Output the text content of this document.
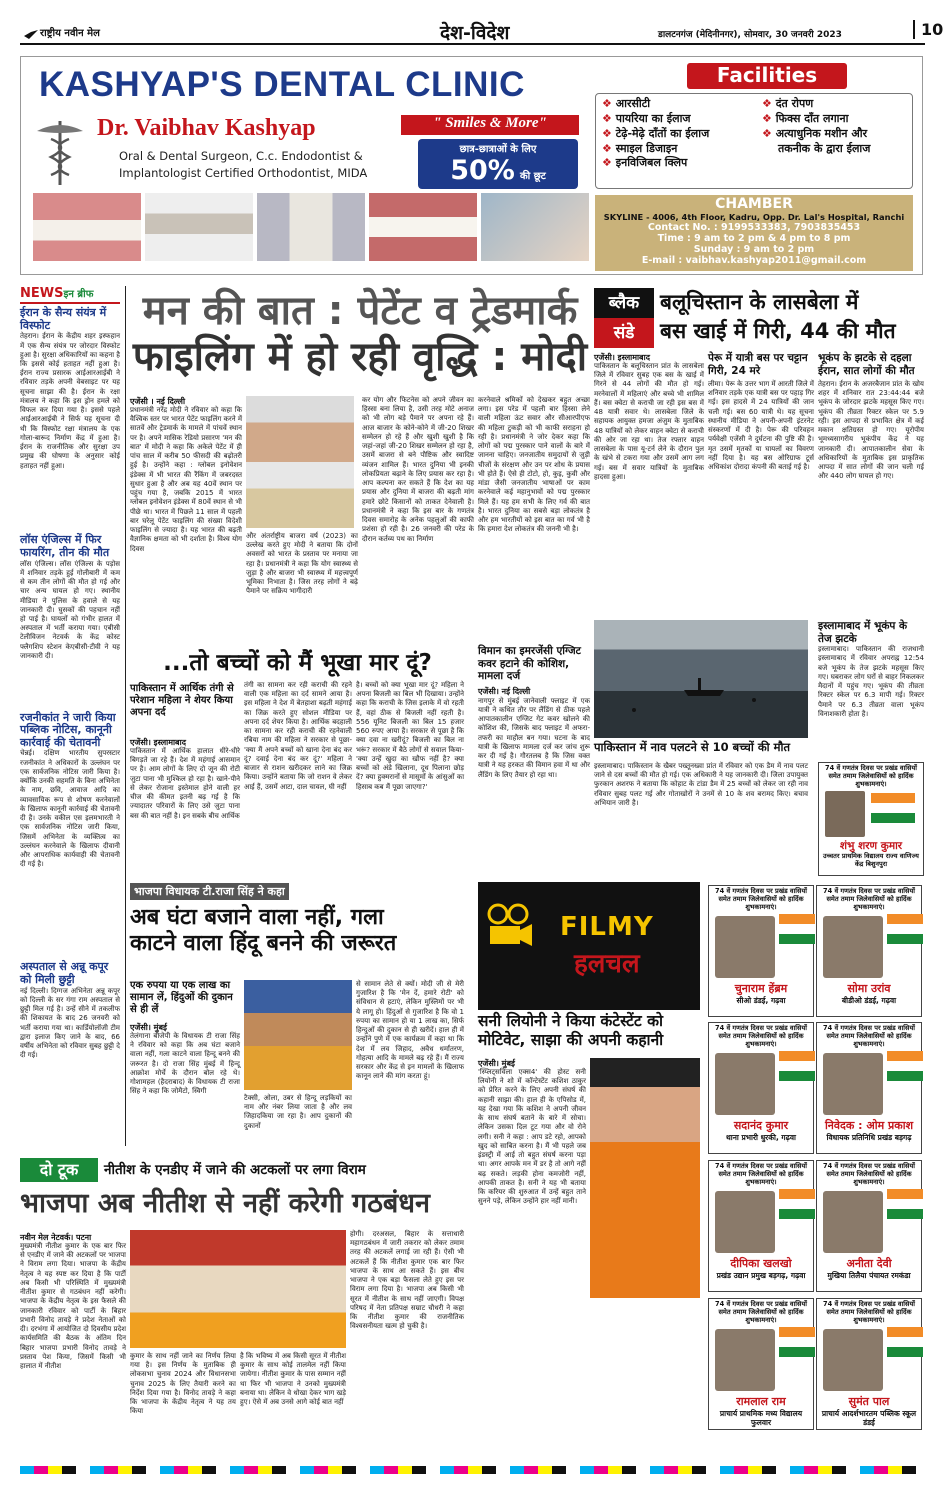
राष्ट्रीय नवीन मेल	देश-विदेश	डालटनगंज (मेदिनीनगर), सोमवार, 30 जनवरी 2023	10
KASHYAP'S DENTAL CLINIC
Dr. Vaibhav Kashyap	" Smiles & More"
Oral & Dental Surgeon, C.c. Endodontist &
Implantologist Certified Orthodontist, MIDA
छात्र-छात्राओं के लिए
50% की छूट
Facilities
❖ आरसीटी
❖ पायरिया का ईलाज
❖ टेढ़े-मेढ़े दाँतों का ईलाज
❖ स्माइल डिजाइन
❖ इनविजिबल क्लिप
❖ दंत रोपण
❖ फिक्स दाँत लगाना
❖ अत्याधुनिक मशीन और
तकनीक के द्वारा ईलाज
CHAMBER
SKYLINE - 4006, 4th Floor, Kadru, Opp. Dr. Lal's Hospital, Ranchi
Contact No. : 9199533383, 7903835453
Time : 9 am to 2 pm & 4 pm to 8 pm
Sunday : 9 am to 2 pm
E-mail : vaibhav.kashyap2011@gmail.com
NEWSइन ब्रीफ
ईरान के सैन्य संयंत्र में विस्फोट
तेहरान। ईरान के केंद्रीय शहर इस्फहान में एक सैन्य संयंत्र पर जोरदार विस्फोट हुआ है। सुरक्षा अधिकारियों का कहना है कि इससे कोई हताहत नहीं हुआ है। ईरान राज्य प्रसारक आईआरआईबी ने रविवार तड़के अपनी वेबसाइट पर यह सूचना साझा की है। ईरान के रक्षा मंत्रालय ने कहा कि इस ड्रोन हमले को विफल कर दिया गया है। इससे पहले आईआरआईबी ने सिर्फ यह सूचना दी थी कि विस्फोट रक्षा मंत्रालय के एक गोला-बारूद निर्माण केंद्र में हुआ है। ईरान के राजनीतिक और सुरक्षा उप प्रमुख की घोषणा के अनुसार कोई हताहत नहीं हुआ।
लॉस एंजिल्स में फिर फायरिंग, तीन की मौत
लॉस एंजिल्स। लॉस एंजिल्स के पड़ोस में शनिवार तड़के हुई गोलीबारी में कम से कम तीन लोगों की मौत हो गई और चार अन्य घायल हो गए। स्थानीय मीडिया ने पुलिस के हवाले से यह जानकारी दी। घुसकों की पहचान नहीं हो पाई है। घायलों को गंभीर हालत में अस्पताल में भर्ती कराया गया। एबीसी टेलीविजन नेटवर्क के केंद्र कोस्ट फ्लैगशिप स्टेशन केएबीसी-टीवी ने यह जानकारी दी।
रजनीकांत ने जारी किया पब्लिक नोटिस, कानूनी कार्रवाई की चेतावनी
चेन्नई। दक्षिण भारतीय सुपरस्टार रजनीकांत ने अधिकारों के उल्लंघन पर एक सार्वजनिक नोटिस जारी किया है। क्योंकि उनकी सहमति के बिना अभिनेता के नाम, छवि, आवाज आदि का व्यावसायिक रूप से शोषण करनेवालों के खिलाफ कानूनी कार्रवाई की चेतावनी दी है। उनके वकील एस इलमभारती ने एक सार्वजनिक नोटिस जारी किया, जिसमें अभिनेता के व्यक्तित्व का उल्लंघन करनेवाले के खिलाफ दीवानी और आपराधिक कार्यवाही की चेतावनी दी गई है।
अस्पताल से अन्नू कपूर को मिली छुट्टी
नई दिल्ली। दिग्गज अभिनेता अन्नू कपूर को दिल्ली के सर गंगा राम अस्पताल से छुट्टी मिल गई है। उन्हें सीने में तकलीफ की शिकायत के बाद 26 जनवरी को भर्ती कराया गया था। कार्डियोलॉजी टीम द्वारा इलाज किए जाने के बाद, 66 वर्षीय अभिनेता को रविवार सुबह छुट्टी दे दी गई।
मन की बात : पेटेंट व ट्रेडमार्क
फाइलिंग में हो रही वृद्धि : मोदी
एजेंसी । नई दिल्ली
प्रधानमंत्री नरेंद्र मोदी ने रविवार को कहा कि वैश्विक स्तर पर भारत पेटेंट फाइलिंग करने में सातवें और ट्रेडमार्क के मामले में पांचवें स्थान पर है। अपने मासिक रेडियो प्रसारण 'मन की बात' में मोदी ने कहा कि अकेले पेटेंट में ही पांच साल में करीब 50 फीसदी की बढ़ोतरी हुई है। उन्होंने कहा : ग्लोबल इनोवेशन इंडेक्स में भी भारत की रैंकिंग में जबरदस्त सुधार हुआ है और अब यह 40वें स्थान पर पहुंच गया है, जबकि 2015 में भारत ग्लोबल इनोवेशन इंडेक्स में 80वें स्थान से भी पीछे था। भारत में पिछले 11 साल में पहली बार घरेलू पेटेंट फाइलिंग की संख्या विदेशी फाइलिंग से ज्यादा है। यह भारत की बढ़ती वैज्ञानिक क्षमता को भी दर्शाता है। विश्व योग दिवस
और अंतर्राष्ट्रीय बाजरा वर्ष (2023) का उल्लेख करते हुए मोदी ने बताया कि दोनों अवसरों को भारत के प्रस्ताव पर मनाया जा रहा है। प्रधानमंत्री ने कहा कि योग स्वास्थ्य से जुड़ा है और बाजरा भी स्वास्थ्य में महत्त्वपूर्ण भूमिका निभाता है। जिस तरह लोगों ने बढ़े पैमाने पर सक्रिय भागीदारी
कर योग और फिटनेस को अपने जीवन का हिस्सा बना लिया है, उसी तरह मोटे अनाज को भी लोग बड़े पैमाने पर अपना रहे हैं। आज बाजार के कोने-कोने में जी-20 शिखर सम्मेलन हो रहे हैं और खुशी खुशी है कि जहां-जहां जी-20 शिखर सम्मेलन हो रहा है, उसमें बाजरा से बने पौष्टिक और स्वादिष्ट व्यंजन शामिल हैं। भारत दुनिया भी इनकी लोकप्रियता बढ़ाने के लिए प्रयास कर रहा है। आप कल्पना कर सकते हैं कि देश का यह प्रयास और दुनिया में बाजरा की बढ़ती मांग हमारे छोटे किसानों को ताकत देनेवाली है। प्रधानमंत्री ने कहा कि इस बार के गणतंत्र दिवस समारोह के अनेक पहलुओं की काफी प्रशंसा हो रही है। 26 जनवरी की परेड के दौरान कर्तव्य पथ का निर्माण
करनेवाले श्रमिकों को देखकर बहुत अच्छा लगा। इस परेड में पहली बार हिस्सा लेने वाली महिला ऊंट सवार और सीआरपीएफ की महिला टुकड़ी को भी काफी सराहना हो रही है। प्रधानमंत्री ने जोर देकर कहा कि लोगों को पद्म पुरस्कार पाने वालों के बारे में जानना चाहिए। जनजातीय समुदायों से जुड़ी चीजों के संरक्षण और उन पर शोध के प्रयास भी होते हैं। ऐसे ही टोटो, हो, कुइ, कुवी और मांडा जैसी जनजातीय भाषाओं पर काम करनेवाले कई महानुभावों को पद्म पुरस्कार मिले हैं। यह हम सभी के लिए गर्व की बात है। भारत दुनिया का सबसे बड़ा लोकतंत्र है और हम भारतीयों को इस बात का गर्व भी है कि हमारा देश लोकतंत्र की जननी भी है।
...तो बच्चों को मैं भूखा मार दूं?
पाकिस्तान में आर्थिक तंगी से परेशान महिला ने शेयर किया अपना दर्द
एजेंसी। इस्लामाबाद
पाकिस्तान में आर्थिक हालात धीरे-धीरे बिगड़ते जा रहे हैं। देश में महंगाई आसमान पर है। आम लोगों के लिए दो जून की रोटी जुटा पाना भी मुश्किल हो रहा है। खाने-पीने से लेकर रोजाना इस्तेमाल होने वाली हर चीज की कीमत इतनी बढ़ गई है कि ज्यादातर परिवारों के लिए उसे जुटा पाना बस की बात नहीं है। इन सबके बीच आर्थिक
तंगी का सामना कर रही कराची की रहने वाली एक महिला का दर्द सामने आया है। इस महिला ने देश में बेतहाशा बढ़ती महंगाई का जिक्र करते हुए सोशल मीडिया पर अपना दर्द शेयर किया है। आर्थिक बदहाली का सामना कर रही कराची की रहनेवाली रबिया नाम की महिला ने सरकार से पूछा- 'क्या मैं अपने बच्चों को खाना देना बंद कर दूं? दवाई देना बंद कर दूं?' महिला ने बाजार से राशन खरीदकर लाने का जिक्र किया। उन्होंने बताया कि जो राशन वे लेकर आई हैं, उसमें आटा, दाल चावल, घी नहीं
है। बच्चों को क्या भूखा मार दूं? महिला ने अपना बिजली का बिल भी दिखाया। उन्होंने कहा कि कराची के जिस इलाके में वो रहती हैं, वहां ठीक से बिजली नहीं रहती है। 556 यूनिट बिजली का बिल 15 हजार 560 रुपए आया है। सरकार से पूछा है कि क्या दवा ना खरीदूं? बिजली का बिल ना भरूं? सरकार में बैठे लोगों से सवाल किया- 'क्या उन्हें खुदा का खौफ नहीं है? क्या बच्चों को अंडे खिलाना, दूध पिलाना छोड़ दें? क्या हुक्मरानों से मासूमों के आंसुओं का हिसाब कब मैं पूछा जाएगा?'
विमान का इमरजेंसी एग्जिट कवर हटाने की कोशिश, मामला दर्ज
एजेंसी। नई दिल्ली
नागपुर से मुंबई जानेवाली फ्लाइट में एक यात्री ने कथित तौर पर लैंडिंग से ठीक पहले आपातकालीन एग्जिट गेट कवर खोलने की कोशिश की, जिसके बाद फ्लाइट में अफरा-तफरी का माहौल बन गया। घटना के बाद यात्री के खिलाफ मामला दर्ज कर जांच शुरू कर दी गई है। गौरतलब है कि जिस वक्त यात्री ने यह हरकत की विमान हवा में था और लैंडिंग के लिए तैयार हो रहा था।
ब्लैक
संडे
बलूचिस्तान के लासबेला में
बस खाई में गिरी, 44 की मौत
एजेंसी। इस्लामाबाद
पाकिस्तान के बलूचिस्तान प्रांत के लासबेला जिले में रविवार सुबह एक बस के खाई में गिरने से 44 लोगों की मौत हो गई। मरनेवालों में महिलाएं और बच्चे भी शामिल हैं। बस क्वेटा से कराची जा रही इस बस में 48 यात्री सवार थे। लासबेला जिले के सहायक आयुक्त हमजा अंजुम के मुताबिक 48 यात्रियों को लेकर वाहन क्वेटा से कराची की ओर जा रहा था। तेज रफ्तार वाहन लासबेला के पास यू-टर्न लेने के दौरान पुल के खंभे से टकरा गया और उसमें आग लग गई। बस में सवार यात्रियों के मुताबिक हादसा हुआ।
पेरू में यात्री बस पर चट्टान गिरी, 24 मरे
लीमा। पेरू के उत्तर भाग में आरती जिले में शनिवार तड़के एक यात्री बस पर पहाड़ गिर गई। इस हादसे में 24 यात्रियों की जान चली गई। बस 60 यात्री थे। यह सूचना स्थानीय मीडिया ने अपनी-अपनी इंटरनेट संस्करणों में दी है। पेरू की परिवहन पर्यवेक्षी एजेंसी ने दुर्घटना की पुष्टि की है। मृत उसमें मृतकों या घायलों का विवरण नहीं दिया है। यह बस ओरिग्राफ टूर्स अधिकांश दोरादा कंपनी की बताई गई है।
भूकंप के झटके से दहला ईरान, सात लोगों की मौत
तेहरान। ईरान के अजरबैजान प्रांत के खोय शहर में शनिवार रात 23:44:44 बजे भूकंप के जोरदार झटके महसूस किए गए। भूकंप की तीव्रता रिक्टर स्केल पर 5.9 रही। इस आपदा से प्रभावित क्षेत्र में कई मकान क्षतिग्रस्त हो गए। यूरोपीय भूमध्यसागरीय भूकंपीय केंद्र ने यह जानकारी दी। आपातकालीन सेवा के अधिकारियों के मुताबिक इस प्राकृतिक आपदा में सात लोगों की जान चली गई और 440 लोग घायल हो गए।
पाकिस्तान में नाव पलटने से 10 बच्चों की मौत
इस्लामाबाद में भूकंप के तेज झटके
इस्लामाबाद। पाकिस्तान की राजधानी इस्लामाबाद में रविवार अपराह्न 12:54 बजे भूकंप के तेज झटके महसूस किए गए। घबराकर लोग घरों से बाहर निकलकर मैदानों में पहुंच गए। भूकंप की तीव्रता रिक्टर स्केल पर 6.3 मापी गई। रिक्टर पैमाने पर 6.3 तीव्रता वाला भूकंप विनाशकारी होता है।
इस्लामाबाद। पाकिस्तान के खैबर पख्तूनख्वा प्रांत में रविवार को एक डैम में नाव पलट जाने से दस बच्चों की मौत हो गई। एक अधिकारी ने यह जानकारी दी। जिला उपायुक्त फुरकान अशरफ ने बताया कि कोहाट के टांडा डैम में 25 बच्चों को लेकर जा रही नाव रविवार सुबह पलट गई और गोताखोरों ने उनमें से 10 के शव बरामद किए। बचाव अभियान जारी है।
74 वें गणतंत्र दिवस पर प्रखंड वासियों समेत तमाम जिलेवासियों को हार्दिक शुभकामनाएं।
शंभु शरण कुमार
उच्चतर प्राथमिक विद्यालय राज्य वाणिज्य केंद्र बिशुनपुरा
भाजपा विधायक टी.राजा सिंह ने कहा
अब घंटा बजाने वाला नहीं, गला
काटने वाला हिंदू बनने की जरूरत
एक रुपया या एक लाख का सामान लें, हिंदुओं की दुकान से ही लें
एजेंसी। मुंबई
तेलंगाना बीजेपी के विधायक टी राजा सिंह ने रविवार को कहा कि अब घंटा बजाने वाला नहीं, गला काटने वाला हिन्दू बनने की जरूरत है। दो राजा सिंह मुंबई में हिन्दू आक्रोश मोर्चे के दौरान बोल रहे थे। गोशामहल (हैदराबाद) के विधायक टी राजा सिंह ने कहा कि जोमैटो, स्विगी
टैक्सी, ओला, उबर से हिन्दू लड़कियों का नाम और नंबर लिया जाता है और लव जिहादकिया जा रहा है। आप दुकानों की दुकानों
से सामान लेते से क्यों। मोदी जी से मेरी गुजारिश है कि 'मेन दें, हमारे रोटी' को संविधान से हटाएं, लेकिन मुस्लिमों पर भी ये लागू हो। हिंदुओं से गुजारिश है कि वो 1 रुपया का सामान हो या 1 लाख का, सिर्फ हिन्दुओं की दुकान से ही खरीदें। हाल ही में उन्होंने पुणे में एक कार्यक्रम में कहा था कि देश में लव जिहाद, अवैध धर्मांतरण, गोहत्या आदि के मामले बढ़ रहे हैं। मैं राज्य सरकार और केंद्र से इन मामलों के खिलाफ कानून लाने की मांग करता हूं।
FILMY
हलचल
सनी लियोनी ने किया कंटेस्टेंट को
मोटिवेट, साझा की अपनी कहानी
एजेंसी। मुंबई
'स्प्लिट्सविला एक्स4' की होस्ट सनी लियोनी ने शो में कॉन्टेस्टेंट कशिश ठाकुर को प्रेरित करने के लिए अपनी संघर्ष की कहानी साझा की। हाल ही के एपिसोड में, यह देखा गया कि कशिश ने अपनी जीवन के साथ संघर्ष बताने के बारे में सोचा। लेकिन उसका दिल टूट गया और वो रोने लगी। सनी ने कहा : आप डटे रहो, आपको खुद को साबित करना है। मैं भी पहले जब इंडस्ट्री में आई तो बहुत संघर्ष करना पड़ा था। अगर आपके मन में डर है तो आगे नहीं बढ़ सकते। लड़की होना कमजोरी नहीं, आपकी ताकत है। सनी ने यह भी बताया कि करियर की शुरुआत में उन्हें बहुत ताने सुनने पड़े, लेकिन उन्होंने हार नहीं मानी।
दो टूक	नीतीश के एनडीए में जाने की अटकलों पर लगा विराम
भाजपा अब नीतीश से नहीं करेगी गठबंधन
नवीन मेल नेटवर्क। पटना
मुख्यमंत्री नीतीश कुमार के एक बार फिर से एनडीए में जाने की अटकलों पर भाजपा ने विराम लगा दिया। भाजपा के केंद्रीय नेतृत्व ने यह स्पष्ट कर दिया है कि पार्टी अब किसी भी परिस्थिति में मुख्यमंत्री नीतीश कुमार से गठबंधन नहीं करेगी। भाजपा के केंद्रीय नेतृत्व के इस फैसले की जानकारी रविवार को पार्टी के बिहार प्रभारी विनोद तावड़े ने प्रदेश नेताओं को दी। दरभंगा में आयोजित दो दिवसीय प्रदेश कार्यसमिति की बैठक के अंतिम दिन बिहार भाजपा प्रभारी विनोद तावड़े ने प्रस्ताव पेश किया, जिसमें किसी भी हालात में नीतीश
कुमार के साथ नहीं जाने का निर्णय लिया गया है। इस निर्णय के मुताबिक ही लोकसभा चुनाव 2024 और विधानसभा चुनाव 2025 के लिए तैयारी करने का निर्देश दिया गया है। विनोद तावड़े ने कहा कि भाजपा के केंद्रीय नेतृत्व ने यह तय किया
है कि भविष्य में अब किसी सूरत में नीतीश कुमार के साथ कोई तालमेल नहीं किया जायेगा। नीतीश कुमार के पास सम्मान नहीं था फिर भी भाजपा ने उनको मुख्यमंत्री बनाया था। लेकिन वे धोखा देकर भाग खड़े हुए। ऐसे में अब उनसे आगे कोई बात नहीं
होगी। दरअसल, बिहार के सत्ताधारी महागठबंधन में जारी तकरार को लेकर तमाम तरह की अटकलें लगाई जा रही हैं। ऐसी भी अटकलें हैं कि नीतीश कुमार एक बार फिर भाजपा के साथ आ सकते हैं। इस बीच भाजपा ने एक बड़ा फैसला लेते हुए इस पर विराम लगा दिया है। भाजपा अब किसी भी सूरत में नीतीश के साथ नहीं जाएगी। विपक्ष परिषद में नेता प्रतिपक्ष सम्राट चौधरी ने कहा कि नीतीश कुमार की राजनीतिक विश्वसनीयता खत्म हो चुकी है।
74 वें गणतंत्र दिवस पर प्रखंड वासियों समेत तमाम जिलेवासियों को हार्दिक शुभकामनाएं।
चुनाराम हेंब्रम
सीओ डंडई, गढ़वा
74 वें गणतंत्र दिवस पर प्रखंड वासियों समेत तमाम जिलेवासियों को हार्दिक शुभकामनाएं।
सोमा उरांव
बीडीओ डंडई, गढ़वा
74 वें गणतंत्र दिवस पर प्रखंड वासियों समेत तमाम जिलेवासियों को हार्दिक शुभकामनाएं।
सदानंद कुमार
थाना प्रभारी धुरकी, गढ़वा
74 वें गणतंत्र दिवस पर प्रखंड वासियों समेत तमाम जिलेवासियों को हार्दिक शुभकामनाएं।
निवेदक : ओम प्रकाश
विधायक प्रतिनिधि प्रखंड बड़गढ़
74 वें गणतंत्र दिवस पर प्रखंड वासियों समेत तमाम जिलेवासियों को हार्दिक शुभकामनाएं।
दीपिका खलखो
प्रखंड उद्यान प्रमुख बड़गढ़, गढ़वा
74 वें गणतंत्र दिवस पर प्रखंड वासियों समेत तमाम जिलेवासियों को हार्दिक शुभकामनाएं।
अनीता देवी
मुखिया तिलैया पंचायत रमकंडा
74 वें गणतंत्र दिवस पर प्रखंड वासियों समेत तमाम जिलेवासियों को हार्दिक शुभकामनाएं।
रामलाल राम
प्राचार्य प्राथमिक मध्य विद्यालय फुलवार
74 वें गणतंत्र दिवस पर प्रखंड वासियों समेत तमाम जिलेवासियों को हार्दिक शुभकामनाएं।
सुमंत पाल
प्राचार्य आदर्शभारतम पब्लिक स्कूल डंडई
